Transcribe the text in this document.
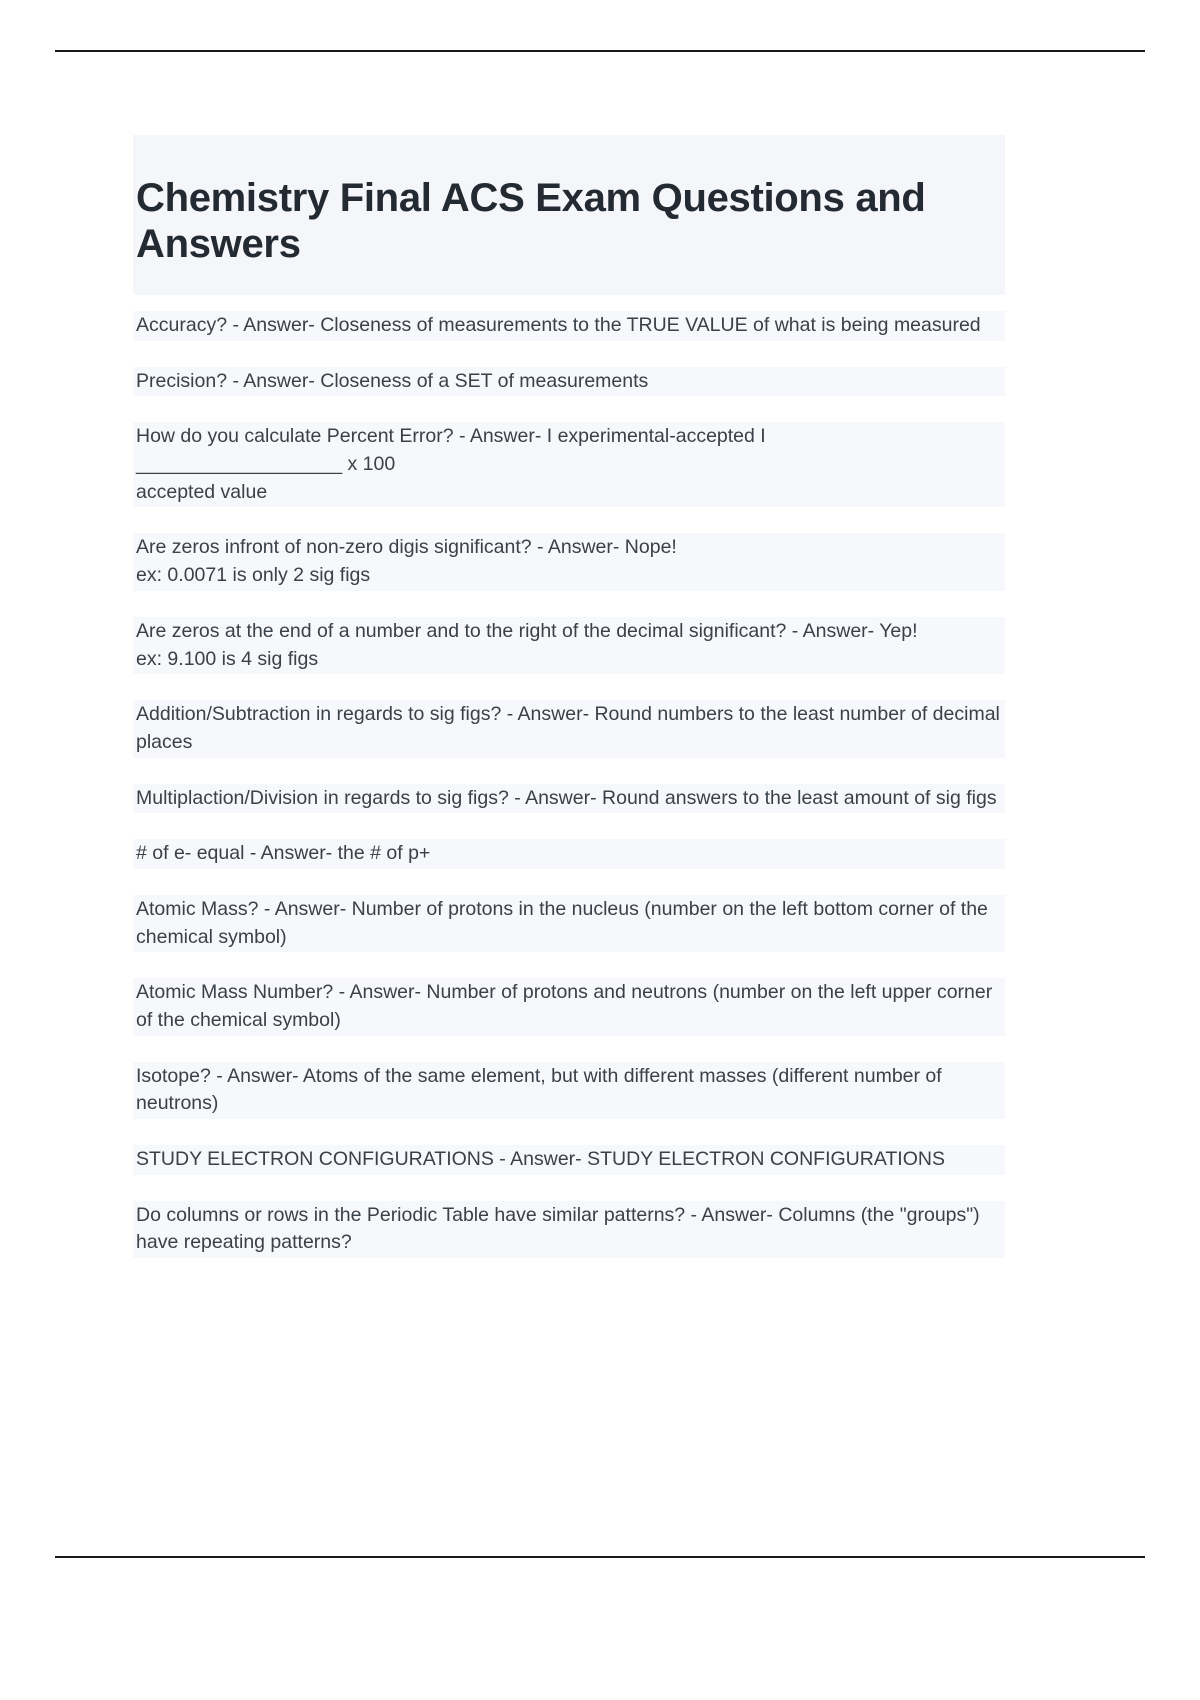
Chemistry Final ACS Exam Questions and Answers

Accuracy? - Answer- Closeness of measurements to the TRUE VALUE of what is being measured

Precision? - Answer- Closeness of a SET of measurements

How do you calculate Percent Error? - Answer- I experimental-accepted I
___________________ x 100
accepted value

Are zeros infront of non-zero digis significant? - Answer- Nope!
ex: 0.0071 is only 2 sig figs

Are zeros at the end of a number and to the right of the decimal significant? - Answer- Yep!
ex: 9.100 is 4 sig figs

Addition/Subtraction in regards to sig figs? - Answer- Round numbers to the least number of decimal places

Multiplaction/Division in regards to sig figs? - Answer- Round answers to the least amount of sig figs

# of e- equal - Answer- the # of p+

Atomic Mass? - Answer- Number of protons in the nucleus (number on the left bottom corner of the chemical symbol)

Atomic Mass Number? - Answer- Number of protons and neutrons (number on the left upper corner of the chemical symbol)

Isotope? - Answer- Atoms of the same element, but with different masses (different number of neutrons)

STUDY ELECTRON CONFIGURATIONS - Answer- STUDY ELECTRON CONFIGURATIONS

Do columns or rows in the Periodic Table have similar patterns? - Answer- Columns (the "groups") have repeating patterns?
